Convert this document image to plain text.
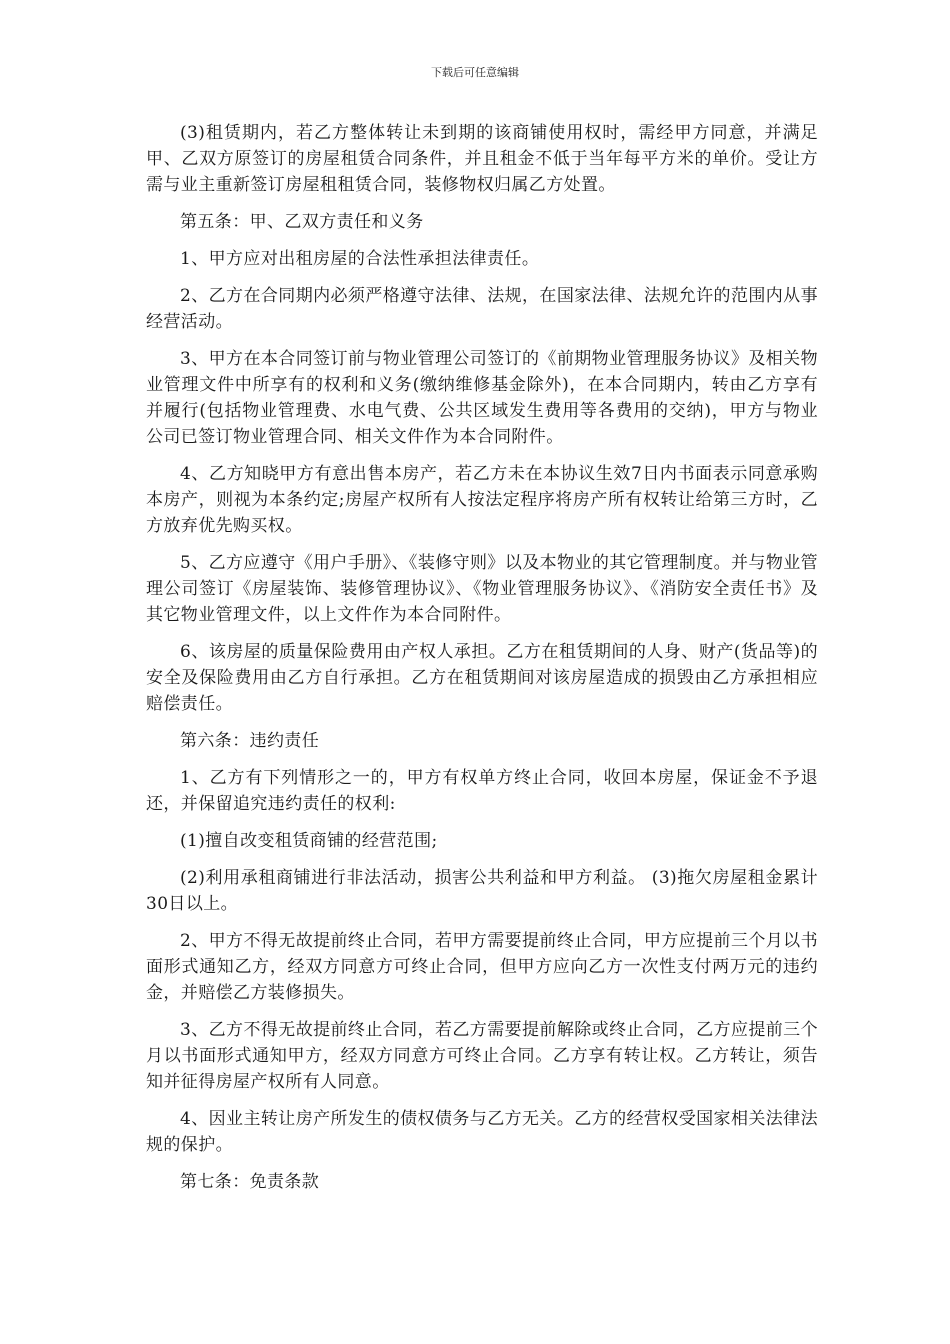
下载后可任意编辑

(3)租赁期内，若乙方整体转让未到期的该商铺使用权时，需经甲方同意，并满足甲、乙双方原签订的房屋租赁合同条件，并且租金不低于当年每平方米的单价。受让方需与业主重新签订房屋租租赁合同，装修物权归属乙方处置。

第五条：甲、乙双方责任和义务

1、甲方应对出租房屋的合法性承担法律责任。

2、乙方在合同期内必须严格遵守法律、法规，在国家法律、法规允许的范围内从事经营活动。

3、甲方在本合同签订前与物业管理公司签订的《前期物业管理服务协议》及相关物业管理文件中所享有的权利和义务(缴纳维修基金除外)，在本合同期内，转由乙方享有并履行(包括物业管理费、水电气费、公共区域发生费用等各费用的交纳)，甲方与物业公司已签订物业管理合同、相关文件作为本合同附件。

4、乙方知晓甲方有意出售本房产，若乙方未在本协议生效7日内书面表示同意承购本房产，则视为本条约定;房屋产权所有人按法定程序将房产所有权转让给第三方时，乙方放弃优先购买权。

5、乙方应遵守《用户手册》、《装修守则》以及本物业的其它管理制度。并与物业管理公司签订《房屋装饰、装修管理协议》、《物业管理服务协议》、《消防安全责任书》及其它物业管理文件，以上文件作为本合同附件。

6、该房屋的质量保险费用由产权人承担。乙方在租赁期间的人身、财产(货品等)的安全及保险费用由乙方自行承担。乙方在租赁期间对该房屋造成的损毁由乙方承担相应赔偿责任。

第六条：违约责任

1、乙方有下列情形之一的，甲方有权单方终止合同，收回本房屋，保证金不予退还，并保留追究违约责任的权利:

(1)擅自改变租赁商铺的经营范围;

(2)利用承租商铺进行非法活动，损害公共利益和甲方利益。 (3)拖欠房屋租金累计30日以上。

2、甲方不得无故提前终止合同，若甲方需要提前终止合同，甲方应提前三个月以书面形式通知乙方，经双方同意方可终止合同，但甲方应向乙方一次性支付两万元的违约金，并赔偿乙方装修损失。

3、乙方不得无故提前终止合同，若乙方需要提前解除或终止合同，乙方应提前三个月以书面形式通知甲方，经双方同意方可终止合同。乙方享有转让权。乙方转让，须告知并征得房屋产权所有人同意。

4、因业主转让房产所发生的债权债务与乙方无关。乙方的经营权受国家相关法律法规的保护。

第七条：免责条款
